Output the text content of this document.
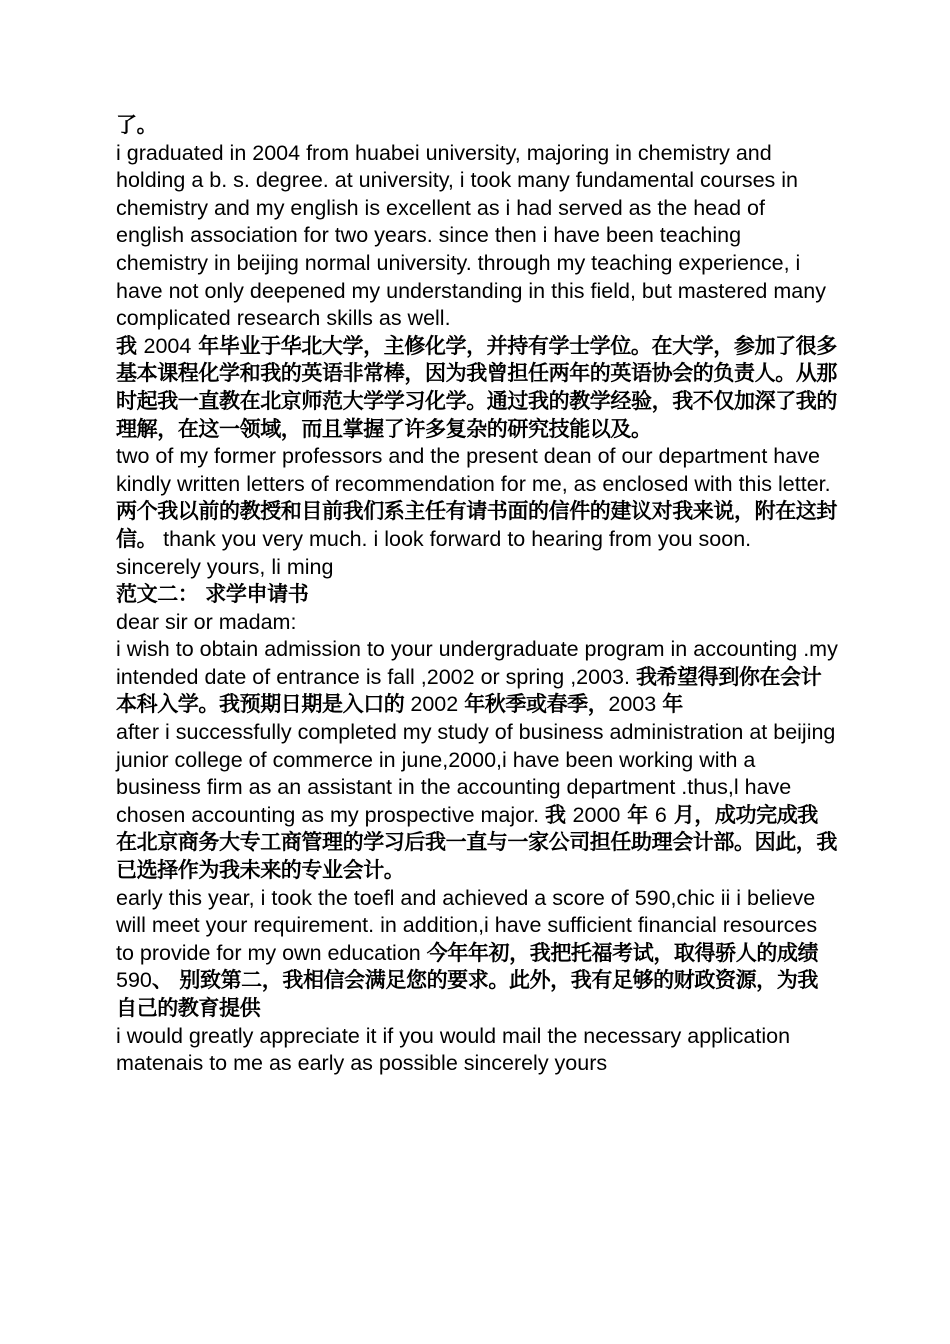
了。

i graduated in 2004 from huabei university, majoring in chemistry and holding a b. s. degree. at university, i took many fundamental courses in chemistry and my english is excellent as i had served as the head of english association for two years. since then i have been teaching chemistry in beijing normal university. through my teaching experience, i have not only deepened my understanding in this field, but mastered many complicated research skills as well.

我 2004 年毕业于华北大学，主修化学，并持有学士学位。在大学，参加了很多基本课程化学和我的英语非常棒，因为我曾担任两年的英语协会的负责人。从那时起我一直教在北京师范大学学习化学。通过我的教学经验，我不仅加深了我的理解，在这一领域，而且掌握了许多复杂的研究技能以及。

two of my former professors and the present dean of our department have kindly written letters of recommendation for me, as enclosed with this letter.

两个我以前的教授和目前我们系主任有请书面的信件的建议对我来说，附在这封信。 thank you very much. i look forward to hearing from you soon.

sincerely yours, li ming

范文二： 求学申请书

dear sir or madam:

i wish to obtain admission to your undergraduate program in accounting .my intended date of entrance is fall ,2002 or spring ,2003. 我希望得到你在会计本科入学。我预期日期是入口的 2002 年秋季或春季，2003 年

after i successfully completed my study of business administration at beijing junior college of commerce in june,2000,i have been working with a business firm as an assistant in the accounting department .thus,l have chosen accounting as my prospective major. 我 2000 年 6 月，成功完成我在北京商务大专工商管理的学习后我一直与一家公司担任助理会计部。因此，我已选择作为我未来的专业会计。

early this year, i took the toefl and achieved a score of 590,chic ii i believe will meet your requirement. in addition,i have sufficient financial resources to provide for my own education 今年年初，我把托福考试，取得骄人的成绩 590、 别致第二，我相信会满足您的要求。此外，我有足够的财政资源，为我自己的教育提供

i would greatly appreciate it if you would mail the necessary application matenais to me as early as possible sincerely yours
